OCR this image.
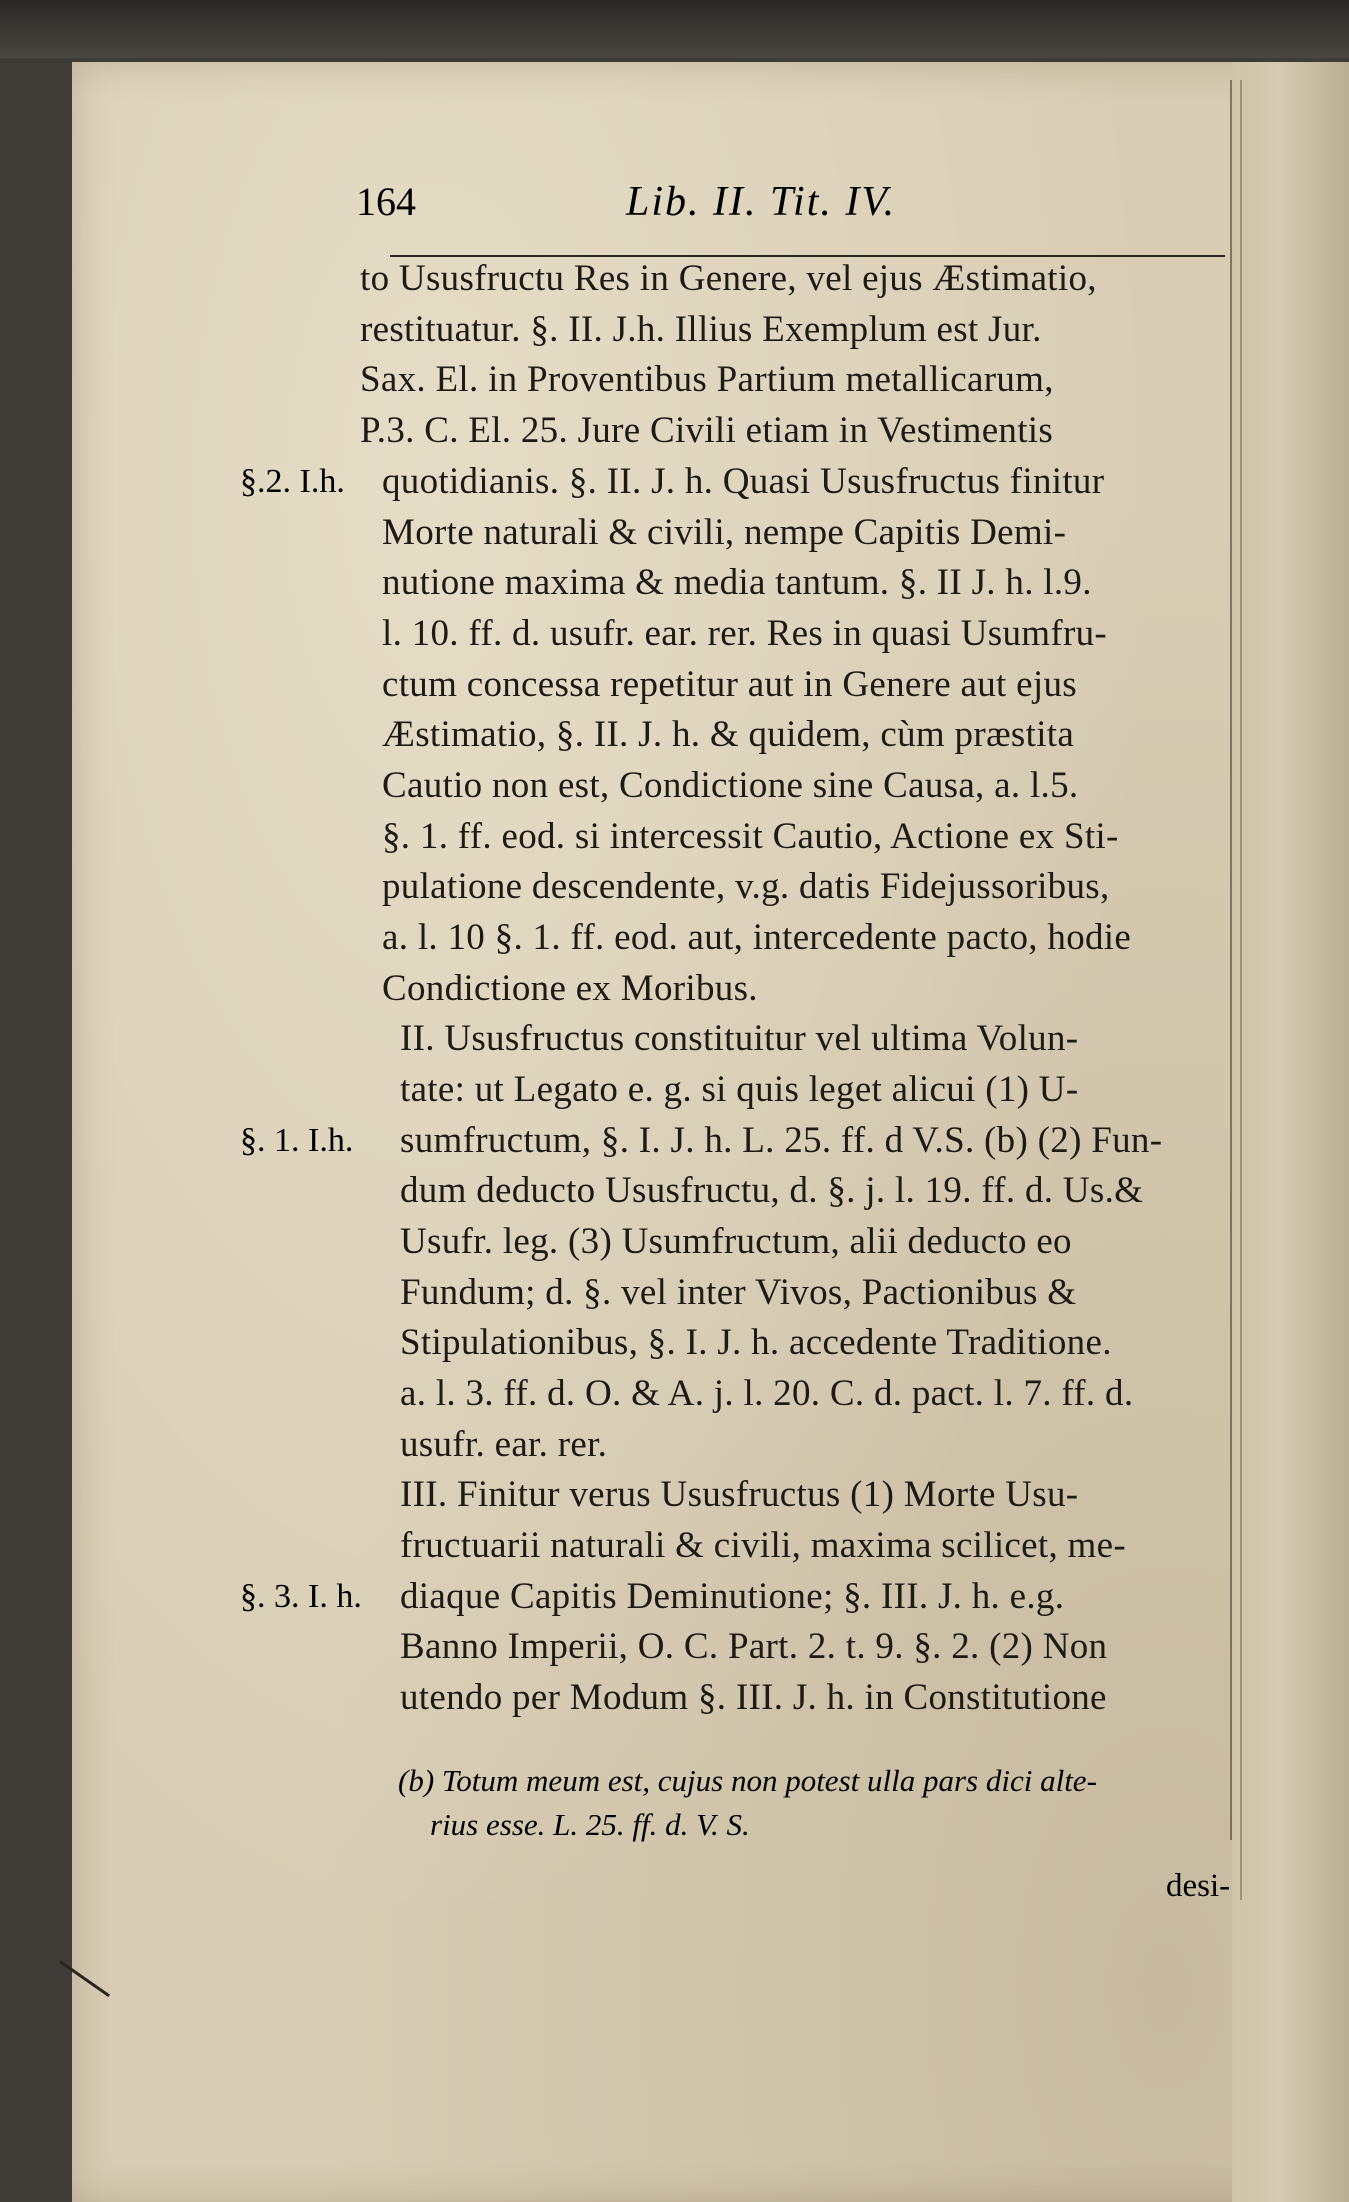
164	Lib. II. Tit. IV.
to Ususfructu Res in Genere, vel ejus Æstimatio,
restituatur. §. II. J.h. Illius Exemplum est Jur.
Sax. El. in Proventibus Partium metallicarum,
P.3. C. El. 25. Jure Civili etiam in Vestimentis
quotidianis. §. II. J. h. Quasi Ususfructus finitur
Morte naturali & civili, nempe Capitis Demi-
nutione maxima & media tantum. §. II J. h. l.9.
l. 10. ff. d. usufr. ear. rer. Res in quasi Usumfru-
ctum concessa repetitur aut in Genere aut ejus
Æstimatio, §. II. J. h. & quidem, cùm præstita
Cautio non est, Condictione sine Causa, a. l.5.
§. 1. ff. eod. si intercessit Cautio, Actione ex Sti-
pulatione descendente, v.g. datis Fidejussoribus,
a. l. 10 §. 1. ff. eod. aut, intercedente pacto, hodie
Condictione ex Moribus.
II. Ususfructus constituitur vel ultima Volun-
tate: ut Legato e. g. si quis leget alicui (1) U-
sumfructum, §. I. J. h. L. 25. ff. d V.S. (b) (2) Fun-
dum deducto Ususfructu, d. §. j. l. 19. ff. d. Us.&
Usufr. leg. (3) Usumfructum, alii deducto eo
Fundum; d. §. vel inter Vivos, Pactionibus &
Stipulationibus, §. I. J. h. accedente Traditione.
a. l. 3. ff. d. O. & A. j. l. 20. C. d. pact. l. 7. ff. d.
usufr. ear. rer.
III. Finitur verus Ususfructus (1) Morte Usu-
fructuarii naturali & civili, maxima scilicet, me-
diaque Capitis Deminutione; §. III. J. h. e.g.
Banno Imperii, O. C. Part. 2. t. 9. §. 2. (2) Non
utendo per Modum §. III. J. h. in Constitutione
§.2. I.h.
§. 1. I.h.
§. 3. I. h.
(b) Totum meum est, cujus non potest ulla pars dici alte-
rius esse. L. 25. ff. d. V. S.
desi-
